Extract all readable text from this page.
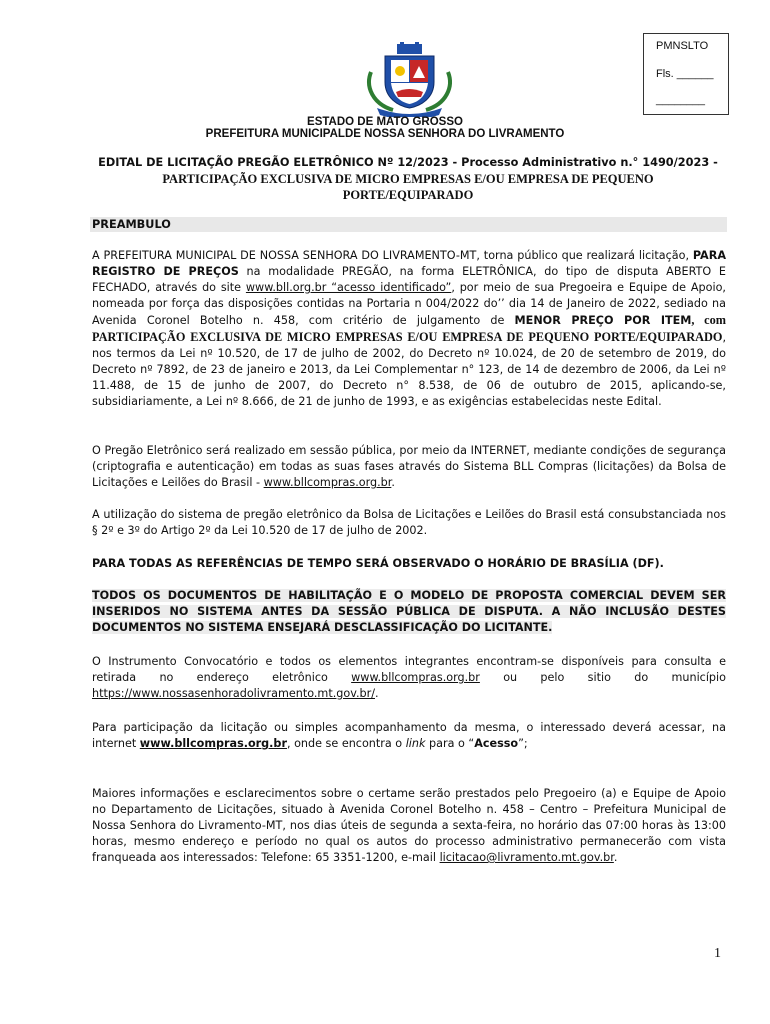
PMNSLTO
Fls. ______
________
ESTADO DE MATO GROSSO
PREFEITURA MUNICIPALDE NOSSA SENHORA DO LIVRAMENTO
EDITAL DE LICITAÇÃO PREGÃO ELETRÔNICO Nº 12/2023 - Processo Administrativo n.° 1490/2023 -
PARTICIPAÇÃO EXCLUSIVA DE MICRO EMPRESAS E/OU EMPRESA DE PEQUENO
PORTE/EQUIPARADO
PREAMBULO
A PREFEITURA MUNICIPAL DE NOSSA SENHORA DO LIVRAMENTO-MT, torna público que realizará licitação, PARA REGISTRO DE PREÇOS na modalidade PREGÃO, na forma ELETRÔNICA, do tipo de disputa ABERTO E FECHADO, através do site www.bll.org.br “acesso identificado”, por meio de sua Pregoeira e Equipe de Apoio, nomeada por força das disposições contidas na Portaria n 004/2022 do’’ dia 14 de Janeiro de 2022, sediado na Avenida Coronel Botelho n. 458, com critério de julgamento de MENOR PREÇO POR ITEM, com PARTICIPAÇÃO EXCLUSIVA DE MICRO EMPRESAS E/OU EMPRESA DE PEQUENO PORTE/EQUIPARADO, nos termos da Lei nº 10.520, de 17 de julho de 2002, do Decreto nº 10.024, de 20 de setembro de 2019, do Decreto nº 7892, de 23 de janeiro e 2013, da Lei Complementar n° 123, de 14 de dezembro de 2006, da Lei nº 11.488, de 15 de junho de 2007, do Decreto n° 8.538, de 06 de outubro de 2015, aplicando-se, subsidiariamente, a Lei nº 8.666, de 21 de junho de 1993, e as exigências estabelecidas neste Edital.
O Pregão Eletrônico será realizado em sessão pública, por meio da INTERNET, mediante condições de segurança (criptografia e autenticação) em todas as suas fases através do Sistema BLL Compras (licitações) da Bolsa de Licitações e Leilões do Brasil - www.bllcompras.org.br.
A utilização do sistema de pregão eletrônico da Bolsa de Licitações e Leilões do Brasil está consubstanciada nos § 2º e 3º do Artigo 2º da Lei 10.520 de 17 de julho de 2002.
PARA TODAS AS REFERÊNCIAS DE TEMPO SERÁ OBSERVADO O HORÁRIO DE BRASÍLIA (DF).
TODOS OS DOCUMENTOS DE HABILITAÇÃO E O MODELO DE PROPOSTA COMERCIAL DEVEM SER INSERIDOS NO SISTEMA ANTES DA SESSÃO PÚBLICA DE DISPUTA. A NÃO INCLUSÃO DESTES DOCUMENTOS NO SISTEMA ENSEJARÁ DESCLASSIFICAÇÃO DO LICITANTE.
O Instrumento Convocatório e todos os elementos integrantes encontram-se disponíveis para consulta e retirada no endereço eletrônico www.bllcompras.org.br ou pelo sitio do município https://www.nossasenhoradolivramento.mt.gov.br/.
Para participação da licitação ou simples acompanhamento da mesma, o interessado deverá acessar, na internet www.bllcompras.org.br, onde se encontra o link para o “Acesso”;
Maiores informações e esclarecimentos sobre o certame serão prestados pelo Pregoeiro (a) e Equipe de Apoio no Departamento de Licitações, situado à Avenida Coronel Botelho n. 458 – Centro – Prefeitura Municipal de Nossa Senhora do Livramento-MT, nos dias úteis de segunda a sexta-feira, no horário das 07:00 horas às 13:00 horas, mesmo endereço e período no qual os autos do processo administrativo permanecerão com vista franqueada aos interessados: Telefone: 65 3351-1200, e-mail licitacao@livramento.mt.gov.br.
1
